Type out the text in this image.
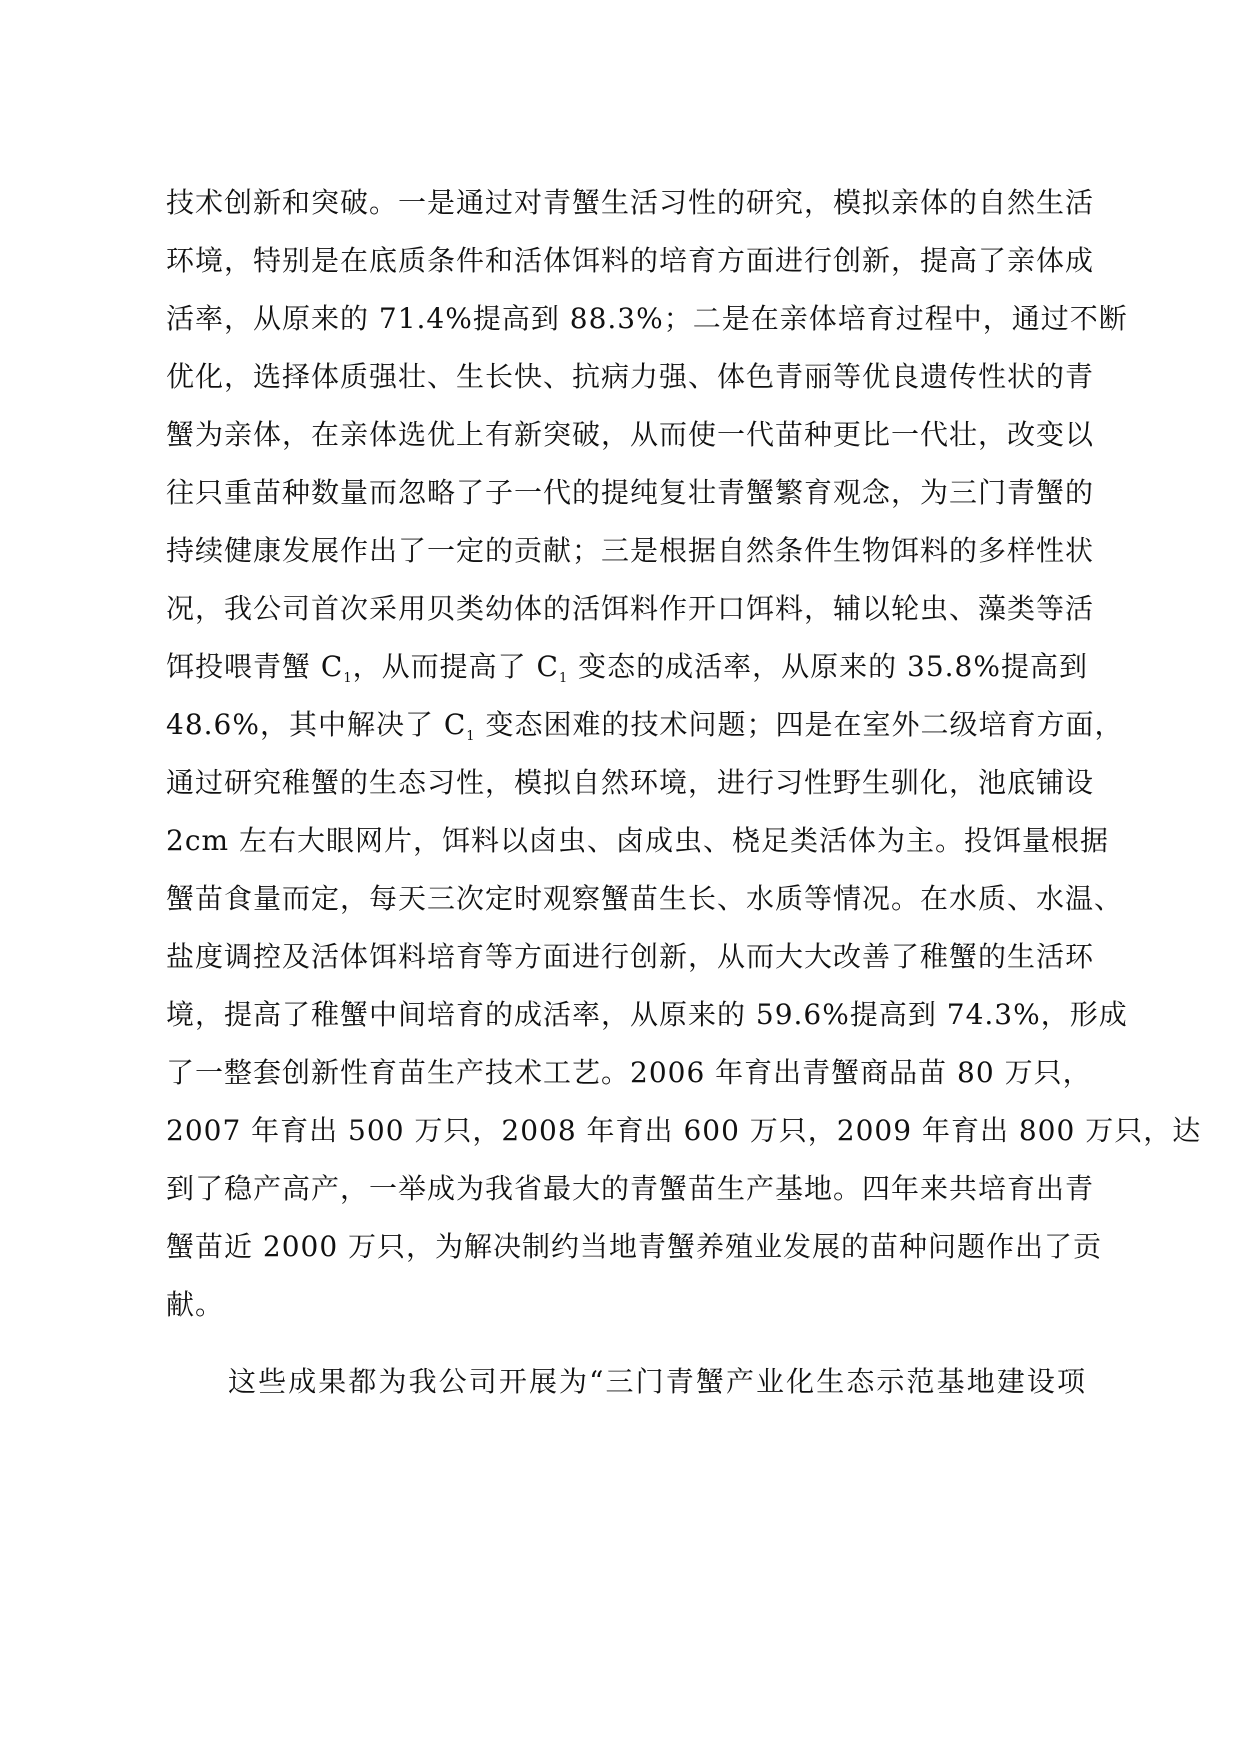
技术创新和突破。一是通过对青蟹生活习性的研究，模拟亲体的自然生活
环境，特别是在底质条件和活体饵料的培育方面进行创新，提高了亲体成
活率，从原来的 71.4%提高到 88.3%；二是在亲体培育过程中，通过不断
优化，选择体质强壮、生长快、抗病力强、体色青丽等优良遗传性状的青
蟹为亲体，在亲体选优上有新突破，从而使一代苗种更比一代壮，改变以
往只重苗种数量而忽略了子一代的提纯复壮青蟹繁育观念，为三门青蟹的
持续健康发展作出了一定的贡献；三是根据自然条件生物饵料的多样性状
况，我公司首次采用贝类幼体的活饵料作开口饵料，辅以轮虫、藻类等活
饵投喂青蟹 $C_1$，从而提高了 $C_1$ 变态的成活率，从原来的 35.8%提高到
48.6%，其中解决了 $C_1$ 变态困难的技术问题；四是在室外二级培育方面，
通过研究稚蟹的生态习性，模拟自然环境，进行习性野生驯化，池底铺设
2cm 左右大眼网片，饵料以卤虫、卤成虫、桡足类活体为主。投饵量根据
蟹苗食量而定，每天三次定时观察蟹苗生长、水质等情况。在水质、水温、
盐度调控及活体饵料培育等方面进行创新，从而大大改善了稚蟹的生活环
境，提高了稚蟹中间培育的成活率，从原来的 59.6%提高到 74.3%，形成
了一整套创新性育苗生产技术工艺。2006 年育出青蟹商品苗 80 万只，
2007 年育出 500 万只，2008 年育出 600 万只，2009 年育出 800 万只，达
到了稳产高产，一举成为我省最大的青蟹苗生产基地。四年来共培育出青
蟹苗近 2000 万只，为解决制约当地青蟹养殖业发展的苗种问题作出了贡
献。
这些成果都为我公司开展为“三门青蟹产业化生态示范基地建设项
